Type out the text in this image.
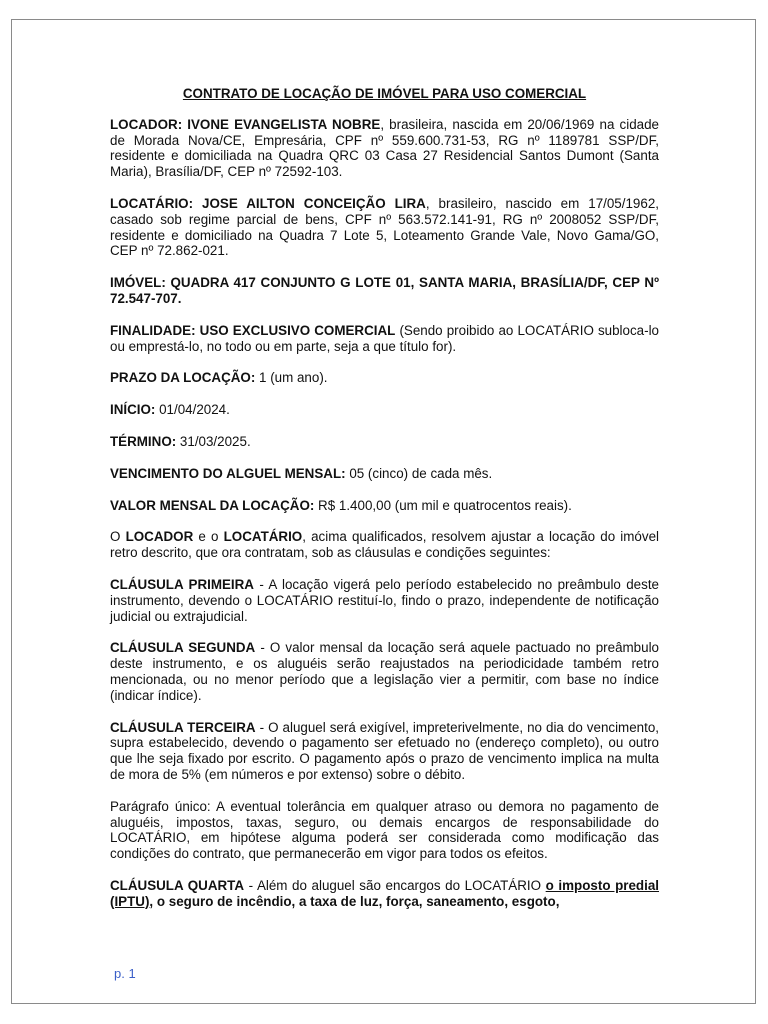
CONTRATO DE LOCAÇÃO DE IMÓVEL PARA USO COMERCIAL

LOCADOR: IVONE EVANGELISTA NOBRE, brasileira, nascida em 20/06/1969 na cidade de Morada Nova/CE, Empresária, CPF nº 559.600.731-53, RG nº 1189781 SSP/DF, residente e domiciliada na Quadra QRC 03 Casa 27 Residencial Santos Dumont (Santa Maria), Brasília/DF, CEP nº 72592-103.

LOCATÁRIO: JOSE AILTON CONCEIÇÃO LIRA, brasileiro, nascido em 17/05/1962, casado sob regime parcial de bens, CPF nº 563.572.141-91, RG nº 2008052 SSP/DF, residente e domiciliado na Quadra 7 Lote 5, Loteamento Grande Vale, Novo Gama/GO, CEP nº 72.862-021.

IMÓVEL: QUADRA 417 CONJUNTO G LOTE 01, SANTA MARIA, BRASÍLIA/DF, CEP Nº 72.547-707.

FINALIDADE: USO EXCLUSIVO COMERCIAL (Sendo proibido ao LOCATÁRIO subloca-lo ou emprestá-lo, no todo ou em parte, seja a que título for).

PRAZO DA LOCAÇÃO: 1 (um ano).

INÍCIO: 01/04/2024.

TÉRMINO: 31/03/2025.

VENCIMENTO DO ALGUEL MENSAL: 05 (cinco) de cada mês.

VALOR MENSAL DA LOCAÇÃO: R$ 1.400,00 (um mil e quatrocentos reais).

O LOCADOR e o LOCATÁRIO, acima qualificados, resolvem ajustar a locação do imóvel retro descrito, que ora contratam, sob as cláusulas e condições seguintes:

CLÁUSULA PRIMEIRA - A locação vigerá pelo período estabelecido no preâmbulo deste instrumento, devendo o LOCATÁRIO restituí-lo, findo o prazo, independente de notificação judicial ou extrajudicial.

CLÁUSULA SEGUNDA - O valor mensal da locação será aquele pactuado no preâmbulo deste instrumento, e os aluguéis serão reajustados na periodicidade também retro mencionada, ou no menor período que a legislação vier a permitir, com base no índice (indicar índice).

CLÁUSULA TERCEIRA - O aluguel será exigível, impreterivelmente, no dia do vencimento, supra estabelecido, devendo o pagamento ser efetuado no (endereço completo), ou outro que lhe seja fixado por escrito. O pagamento após o prazo de vencimento implica na multa de mora de 5% (em números e por extenso) sobre o débito.

Parágrafo único: A eventual tolerância em qualquer atraso ou demora no pagamento de aluguéis, impostos, taxas, seguro, ou demais encargos de responsabilidade do LOCATÁRIO, em hipótese alguma poderá ser considerada como modificação das condições do contrato, que permanecerão em vigor para todos os efeitos.

CLÁUSULA QUARTA - Além do aluguel são encargos do LOCATÁRIO o imposto predial (IPTU), o seguro de incêndio, a taxa de luz, força, saneamento, esgoto,

p. 1
